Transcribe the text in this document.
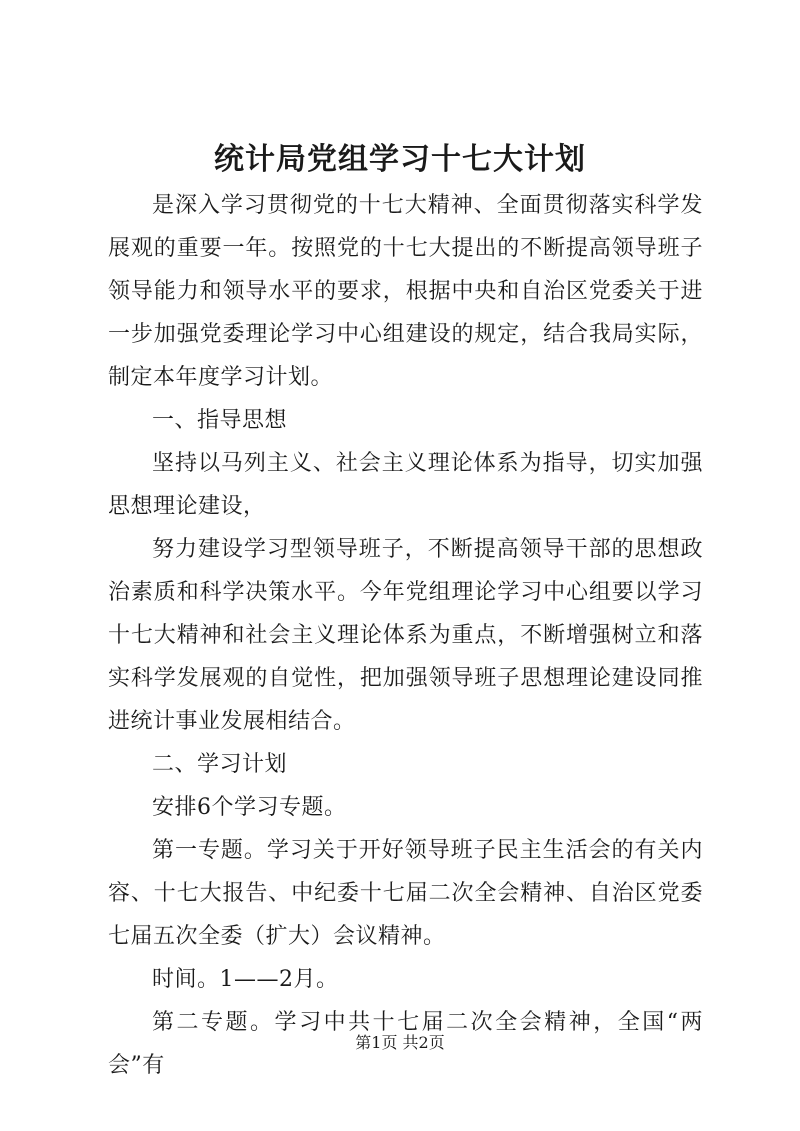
统计局党组学习十七大计划

是深入学习贯彻党的十七大精神、全面贯彻落实科学发展观的重要一年。按照党的十七大提出的不断提高领导班子领导能力和领导水平的要求，根据中央和自治区党委关于进一步加强党委理论学习中心组建设的规定，结合我局实际，制定本年度学习计划。

一、指导思想

坚持以马列主义、社会主义理论体系为指导，切实加强思想理论建设，

努力建设学习型领导班子，不断提高领导干部的思想政治素质和科学决策水平。今年党组理论学习中心组要以学习十七大精神和社会主义理论体系为重点，不断增强树立和落实科学发展观的自觉性，把加强领导班子思想理论建设同推进统计事业发展相结合。

二、学习计划

安排6个学习专题。

第一专题。学习关于开好领导班子民主生活会的有关内容、十七大报告、中纪委十七届二次全会精神、自治区党委七届五次全委（扩大）会议精神。

时间。1——2月。

第二专题。学习中共十七届二次全会精神，全国“两会”有

第1页 共2页
